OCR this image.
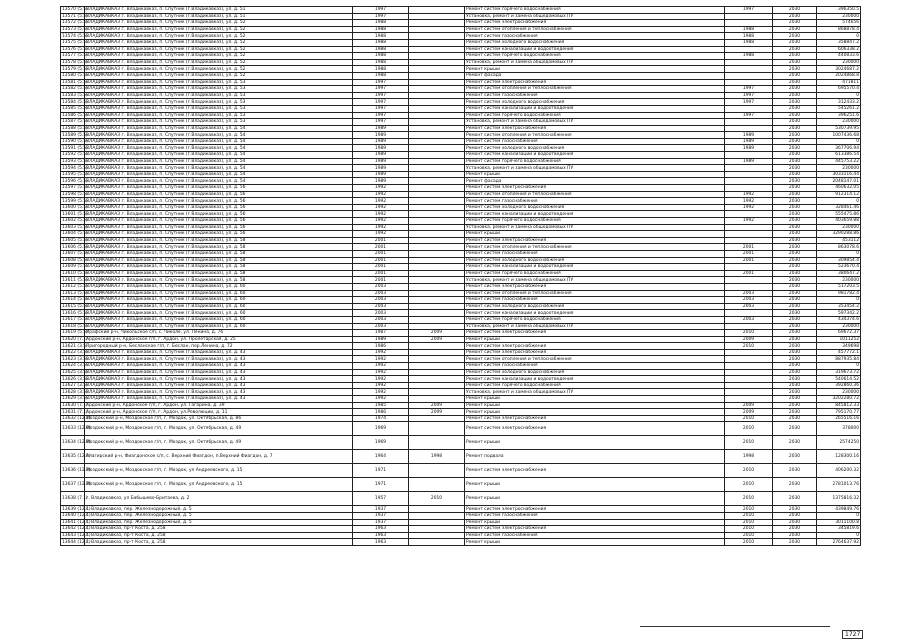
13570 (5.5)	ВЛАДИКАВКАЗ г. Владикавказ, п. Спутник (г.Владикавказ), ул. д. 51	1997		Ремонт систем горячего водоснабжения	1997	2030	396350.5
13571 (5.5)	ВЛАДИКАВКАЗ г. Владикавказ, п. Спутник (г.Владикавказ), ул. д. 51	1997		Установка, ремонт и замена общедомовых ПУ		2030	230000
13572 (5.5)	ВЛАДИКАВКАЗ г. Владикавказ, п. Спутник (г.Владикавказ), ул. д. 52	1988		Ремонт систем электроснабжения		2030	574656
13573 (5.5)	ВЛАДИКАВКАЗ г. Владикавказ, п. Спутник (г.Владикавказ), ул. д. 52	1988		Ремонт систем отопления и теплоснабжения	1988	2030	868878.4
13574 (5.5)	ВЛАДИКАВКАЗ г. Владикавказ, п. Спутник (г.Владикавказ), ул. д. 52	1988		Ремонт систем газоснабжения	1988	2030	0
13575 (5.5)	ВЛАДИКАВКАЗ г. Владикавказ, п. Спутник (г.Владикавказ), ул. д. 52	1988		Ремонт систем холодного водоснабжения	1988	2030	358847.2
13576 (5.5)	ВЛАДИКАВКАЗ г. Владикавказ, п. Спутник (г.Владикавказ), ул. д. 52	1988		Ремонт систем канализации и водоотведения		2030	606338.2
13577 (5.5)	ВЛАДИКАВКАЗ г. Владикавказ, п. Спутник (г.Владикавказ), ул. д. 52	1988		Ремонт систем горячего водоснабжения	1988	2030	440833.6
13578 (5.5)	ВЛАДИКАВКАЗ г. Владикавказ, п. Спутник (г.Владикавказ), ул. д. 52	1988		Установка, ремонт и замена общедомовых ПУ		2030	230000
13579 (5.5)	ВЛАДИКАВКАЗ г. Владикавказ, п. Спутник (г.Владикавказ), ул. д. 52	1988		Ремонт крыши		2030	3024687.2
13580 (5.5)	ВЛАДИКАВКАЗ г. Владикавказ, п. Спутник (г.Владикавказ), ул. д. 52	1988		Ремонт фасада		2030	2024868.8
13581 (5.5)	ВЛАДИКАВКАЗ г. Владикавказ, п. Спутник (г.Владикавказ), ул. д. 53	1997		Ремонт систем электроснабжения		2030	471811
13582 (5.5)	ВЛАДИКАВКАЗ г. Владикавказ, п. Спутник (г.Владикавказ), ул. д. 53	1997		Ремонт систем отопления и теплоснабжения	1997	2030	695570.4
13583 (5.5)	ВЛАДИКАВКАЗ г. Владикавказ, п. Спутник (г.Владикавказ), ул. д. 53	1997		Ремонт систем газоснабжения	1997	2030	0
13584 (5.5)	ВЛАДИКАВКАЗ г. Владикавказ, п. Спутник (г.Владикавказ), ул. д. 53	1997		Ремонт систем холодного водоснабжения	1997	2030	312433.2
13585 (5.5)	ВЛАДИКАВКАЗ г. Владикавказ, п. Спутник (г.Владикавказ), ул. д. 53	1997		Ремонт систем канализации и водоотведения		2030	545261.2
13586 (5.5)	ВЛАДИКАВКАЗ г. Владикавказ, п. Спутник (г.Владикавказ), ул. д. 53	1997		Ремонт систем горячего водоснабжения	1997	2030	396251.6
13587 (5.5)	ВЛАДИКАВКАЗ г. Владикавказ, п. Спутник (г.Владикавказ), ул. д. 53	1997		Установка, ремонт и замена общедомовых ПУ		2030	230000
13588 (5.5)	ВЛАДИКАВКАЗ г. Владикавказ, п. Спутник (г.Владикавказ), ул. д. 54	1989		Ремонт систем электроснабжения		2030	530739.95
13589 (5.5)	ВЛАДИКАВКАЗ г. Владикавказ, п. Спутник (г.Владикавказ), ул. д. 54	1989		Ремонт систем отопления и теплоснабжения	1989	2030	1007436.68
13590 (5.5)	ВЛАДИКАВКАЗ г. Владикавказ, п. Спутник (г.Владикавказ), ул. д. 54	1989		Ремонт систем газоснабжения	1989	2030	0
13591 (5.5)	ВЛАДИКАВКАЗ г. Владикавказ, п. Спутник (г.Владикавказ), ул. д. 54	1989		Ремонт систем холодного водоснабжения	1989	2030	367706.94
13592 (5.5)	ВЛАДИКАВКАЗ г. Владикавказ, п. Спутник (г.Владикавказ), ул. д. 54	1989		Ремонт систем канализации и водоотведения		2030	613386.54
13593 (5.5)	ВЛАДИКАВКАЗ г. Владикавказ, п. Спутник (г.Владикавказ), ул. д. 54	1989		Ремонт систем горячего водоснабжения	1989	2030	445753.22
13594 (5.5)	ВЛАДИКАВКАЗ г. Владикавказ, п. Спутник (г.Владикавказ), ул. д. 54	1989		Установка, ремонт и замена общедомовых ПУ		2030	230000
13595 (5.5)	ВЛАДИКАВКАЗ г. Владикавказ, п. Спутник (г.Владикавказ), ул. д. 54	1989		Ремонт крыши		2030	3033116.44
13596 (5.5)	ВЛАДИКАВКАЗ г. Владикавказ, п. Спутник (г.Владикавказ), ул. д. 54	1989		Ремонт фасада		2030	2048147.01
13597 (5.5)	ВЛАДИКАВКАЗ г. Владикавказ, п. Спутник (г.Владикавказ), ул. д. 56	1992		Ремонт систем электроснабжения		2030	460632.05
13598 (5.5)	ВЛАДИКАВКАЗ г. Владикавказ, п. Спутник (г.Владикавказ), ул. д. 56	1992		Ремонт систем отопления и теплоснабжения	1992	2030	912314.12
13599 (5.5)	ВЛАДИКАВКАЗ г. Владикавказ, п. Спутник (г.Владикавказ), ул. д. 56	1992		Ремонт систем газоснабжения	1992	2030	0
13600 (5.5)	ВЛАДИКАВКАЗ г. Владикавказ, п. Спутник (г.Владикавказ), ул. д. 56	1992		Ремонт систем холодного водоснабжения	1992	2030	328461.46
13601 (5.5)	ВЛАДИКАВКАЗ г. Владикавказ, п. Спутник (г.Владикавказ), ул. д. 56	1992		Ремонт систем канализации и водоотведения		2030	555475.86
13602 (5.5)	ВЛАДИКАВКАЗ г. Владикавказ, п. Спутник (г.Владикавказ), ул. д. 56	1992		Ремонт систем горячего водоснабжения	1992	2030	403659.88
13603 (5.5)	ВЛАДИКАВКАЗ г. Владикавказ, п. Спутник (г.Владикавказ), ул. д. 56	1992		Установка, ремонт и замена общедомовых ПУ		2030	230000
13604 (5.5)	ВЛАДИКАВКАЗ г. Владикавказ, п. Спутник (г.Владикавказ), ул. д. 56	1992		Ремонт крыши		2030	3290288.86
13605 (5.5)	ВЛАДИКАВКАЗ г. Владикавказ, п. Спутник (г.Владикавказ), ул. д. 58	2001		Ремонт систем электроснабжения		2030	453112
13606 (5.5)	ВЛАДИКАВКАЗ г. Владикавказ, п. Спутник (г.Владикавказ), ул. д. 58	2001		Ремонт систем отопления и теплоснабжения	2001	2030	863078.6
13607 (5.5)	ВЛАДИКАВКАЗ г. Владикавказ, п. Спутник (г.Владикавказ), ул. д. 58	2001		Ремонт систем газоснабжения	2001	2030	0
13608 (5.5)	ВЛАДИКАВКАЗ г. Владикавказ, п. Спутник (г.Владикавказ), ул. д. 58	2001		Ремонт систем холодного водоснабжения	2001	2030	309854.4
13609 (5.5)	ВЛАДИКАВКАЗ г. Владикавказ, п. Спутник (г.Владикавказ), ул. д. 58	2001		Ремонт систем канализации и водоотведения		2030	523670.4
13610 (5.5)	ВЛАДИКАВКАЗ г. Владикавказ, п. Спутник (г.Владикавказ), ул. д. 58	2001		Ремонт систем горячего водоснабжения	2001	2030	380647.2
13611 (5.5)	ВЛАДИКАВКАЗ г. Владикавказ, п. Спутник (г.Владикавказ), ул. д. 58	2001		Установка, ремонт и замена общедомовых ПУ		2030	230000
13612 (5.5)	ВЛАДИКАВКАЗ г. Владикавказ, п. Спутник (г.Владикавказ), ул. д. 60	2003		Ремонт систем электроснабжения		2030	517203.5
13613 (5.5)	ВЛАДИКАВКАЗ г. Владикавказ, п. Спутник (г.Владикавказ), ул. д. 60	2003		Ремонт систем отопления и теплоснабжения	2003	2030	981782.4
13614 (5.5)	ВЛАДИКАВКАЗ г. Владикавказ, п. Спутник (г.Владикавказ), ул. д. 60	2003		Ремонт систем газоснабжения	2003	2030	0
13615 (5.5)	ВЛАДИКАВКАЗ г. Владикавказ, п. Спутник (г.Владикавказ), ул. д. 60	2003		Ремонт систем холодного водоснабжения	2003	2030	353454.2
13616 (5.5)	ВЛАДИКАВКАЗ г. Владикавказ, п. Спутник (г.Владикавказ), ул. д. 60	2003		Ремонт систем канализации и водоотведения		2030	597342.2
13617 (5.5)	ВЛАДИКАВКАЗ г. Владикавказ, п. Спутник (г.Владикавказ), ул. д. 60	2003		Ремонт систем горячего водоснабжения	2003	2030	434374.6
13618 (5.5)	ВЛАДИКАВКАЗ г. Владикавказ, п. Спутник (г.Владикавказ), ул. д. 60	2003		Установка, ремонт и замена общедомовых ПУ		2030	230000
13619 (5.5)	Ирафский р-н, Чикольское с/п, с. Чиколе, ул. Ленина, д. 76	1987	2009	Ремонт систем электроснабжения	2010	2030	69672.37
13620 (7.1)	Ардонский р-н, Ардонское г/п, г. Ардон, ул. Пролетарская, д. 25	1989	2009	Ремонт крыши	2009	2030	1011252
13621 (3.5)	Пригородный р-н, Беcланское г/п, г. Беслан, пер.Ленина, д. 72	1986		Ремонт систем электроснабжения	2010	2030	349698
13622 (3.5)	ВЛАДИКАВКАЗ г. Владикавказ, п. Спутник (г.Владикавказ), ул. д. 43	1992		Ремонт систем электроснабжения		2030	457772.1
13623 (3.5)	ВЛАДИКАВКАЗ г. Владикавказ, п. Спутник (г.Владикавказ), ул. д. 43	1992		Ремонт систем отопления и теплоснабжения		2030	887935.84
13624 (3.5)	ВЛАДИКАВКАЗ г. Владикавказ, п. Спутник (г.Владикавказ), ул. д. 43	1992		Ремонт систем газоснабжения		2030	0
13625 (3.5)	ВЛАДИКАВКАЗ г. Владикавказ, п. Спутник (г.Владикавказ), ул. д. 43	1992		Ремонт систем холодного водоснабжения		2030	319673.72
13626 (3.5)	ВЛАДИКАВКАЗ г. Владикавказ, п. Спутник (г.Владикавказ), ул. д. 43	1992		Ремонт систем канализации и водоотведения		2030	540614.52
13627 (3.5)	ВЛАДИКАВКАЗ г. Владикавказ, п. Спутник (г.Владикавказ), ул. д. 43	1992		Ремонт систем горячего водоснабжения		2030	392860.36
13628 (3.5)	ВЛАДИКАВКАЗ г. Владикавказ, п. Спутник (г.Владикавказ), ул. д. 43	1992		Установка, ремонт и замена общедомовых ПУ		2030	230000
13629 (3.5)	ВЛАДИКАВКАЗ г. Владикавказ, п. Спутник (г.Владикавказ), ул. д. 43	1992		Ремонт крыши		2030	3202280.72
13630 (7.1)	Ардонский р-н, Ардонское г/п, г. Ардон, ул. Гагарина, д. 39	1985	2009	Ремонт крыши	2009	2030	845812.33
13631 (7.1)	Ардонский р-н, Ардонское г/п, г. Ардон, ул.Революции, д. 11	1986	2009	Ремонт крыши	2009	2030	795170.77
13632 (12.1)	Моздокский р-н, Моздокское г/п, г. Моздок, ул. Октябрьская, д. 86	1974		Ремонт систем электроснабжения	2010	2030	265516.16
13633 (12.8)	Моздокский р-н, Моздокское г/п, г. Моздок, ул. Октябрьская, д. 49	1969		Ремонт систем электроснабжения	2010	2030	378000
13634 (12.8)	Моздокский р-н, Моздокское г/п, г. Моздок, ул. Октябрьская, д. 49	1969		Ремонт крыши	2010	2030	2574250
13635 (12.9)	Алагирский р-н, Фиагдонское с/п, с. Верхний Фиагдон, п.Верхний Фиагдон, д. 7	1964	1998	Ремонт подвала	1998	2030	128300.16
13636 (12.3)	Моздокский р-н, Моздокское г/п, г. Моздок, ул Андреевского, д. 15	1971		Ремонт систем электроснабжения	2010	2030	406200.32
13637 (12.3)	Моздокский р-н, Моздокское г/п, г. Моздок, ул Андреевского, д. 15	1971		Ремонт крыши	2010	2030	2781013.76
13638 (7.1)	г. Владикавказ, ул Бабышево-Бритаева, д. 2	1957	2010	Ремонт крыши	2010	2030	1375816.32
13639 (12.1)	г. Владикавказ, пер. Железнодорожный, д. 5	1937		Ремонт систем электроснабжения	2010	2030	439849.76
13640 (12.1)	г. Владикавказ, пер. Железнодорожный, д. 5	1937		Ремонт систем газоснабжения	2010	2030	0
13641 (12.1)	г. Владикавказ, пер. Железнодорожный, д. 5	1937		Ремонт крыши	2010	2030	3011100.8
13642 (12.1)	г. Владикавказ, пр-т Коста, д. 258	1963		Ремонт систем электроснабжения	2010	2030	345819.6
13643 (12.1)	г. Владикавказ, пр-т Коста, д. 258	1963		Ремонт систем газоснабжения	2010	2030	0
13644 (12.1)	г. Владикавказ, пр-т Коста, д. 258	1963		Ремонт крыши	2010	2030	2764637.92
1727
